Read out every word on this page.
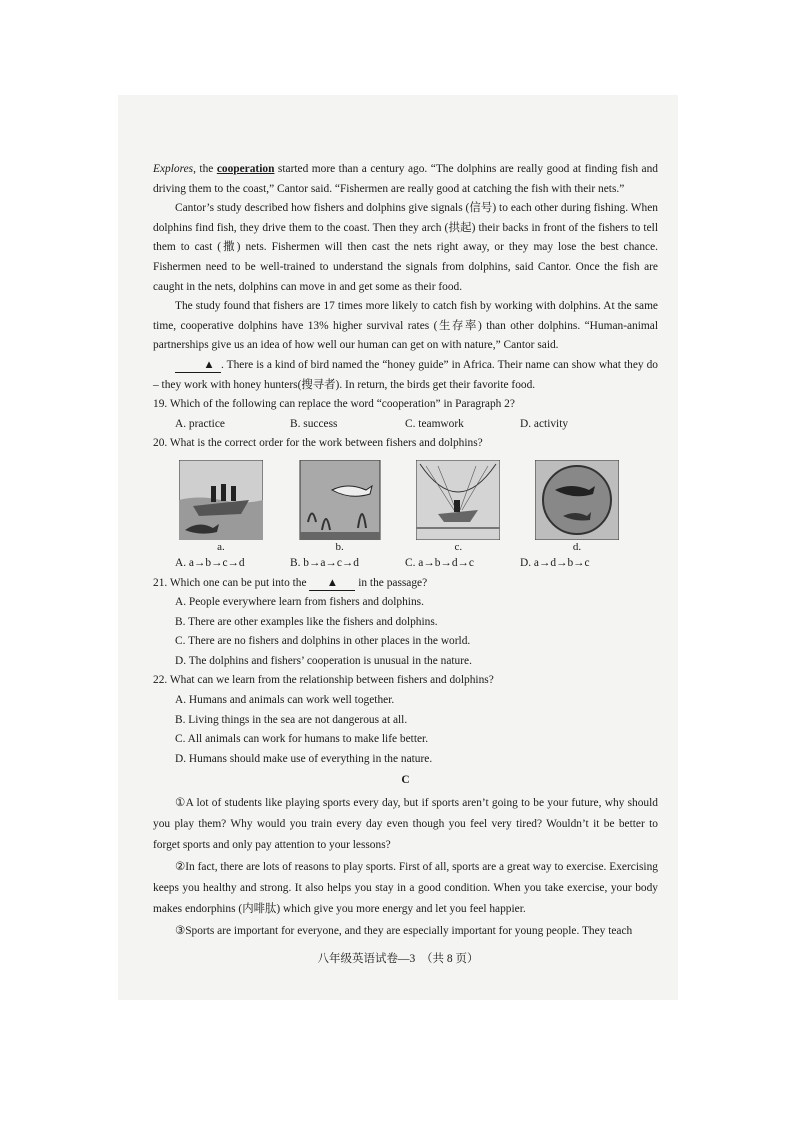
Explores, the cooperation started more than a century ago. “The dolphins are really good at finding fish and driving them to the coast,” Cantor said. “Fishermen are really good at catching the fish with their nets.”

Cantor’s study described how fishers and dolphins give signals (信号) to each other during fishing. When dolphins find fish, they drive them to the coast. Then they arch (拱起) their backs in front of the fishers to tell them to cast (撒) nets. Fishermen will then cast the nets right away, or they may lose the best chance. Fishermen need to be well-trained to understand the signals from dolphins, said Cantor. Once the fish are caught in the nets, dolphins can move in and get some as their food.

The study found that fishers are 17 times more likely to catch fish by working with dolphins. At the same time, cooperative dolphins have 13% higher survival rates (生存率) than other dolphins. “Human-animal partnerships give us an idea of how well our human can get on with nature,” Cantor said.

▲ . There is a kind of bird named the “honey guide” in Africa. Their name can show what they do – they work with honey hunters(搜寻者). In return, the birds get their favorite food.

19. Which of the following can replace the word “cooperation” in Paragraph 2?

A. practice	B. success	C. teamwork	D. activity

20. What is the correct order for the work between fishers and dolphins?

a.	b.	c.	d.
A. a→b→c→d	B. b→a→c→d	C. a→b→d→c	D. a→d→b→c

21. Which one can be put into the ▲ in the passage?

A. People everywhere learn from fishers and dolphins.

B. There are other examples like the fishers and dolphins.

C. There are no fishers and dolphins in other places in the world.

D. The dolphins and fishers’ cooperation is unusual in the nature.

22. What can we learn from the relationship between fishers and dolphins?

A. Humans and animals can work well together.

B. Living things in the sea are not dangerous at all.

C. All animals can work for humans to make life better.

D. Humans should make use of everything in the nature.

C

①A lot of students like playing sports every day, but if sports aren’t going to be your future, why should you play them? Why would you train every day even though you feel very tired? Wouldn’t it be better to forget sports and only pay attention to your lessons?

②In fact, there are lots of reasons to play sports. First of all, sports are a great way to exercise. Exercising keeps you healthy and strong. It also helps you stay in a good condition. When you take exercise, your body makes endorphins (内啡肽) which give you more energy and let you feel happier.

③Sports are important for everyone, and they are especially important for young people. They teach

八年级英语试卷—3　（共 8 页）
